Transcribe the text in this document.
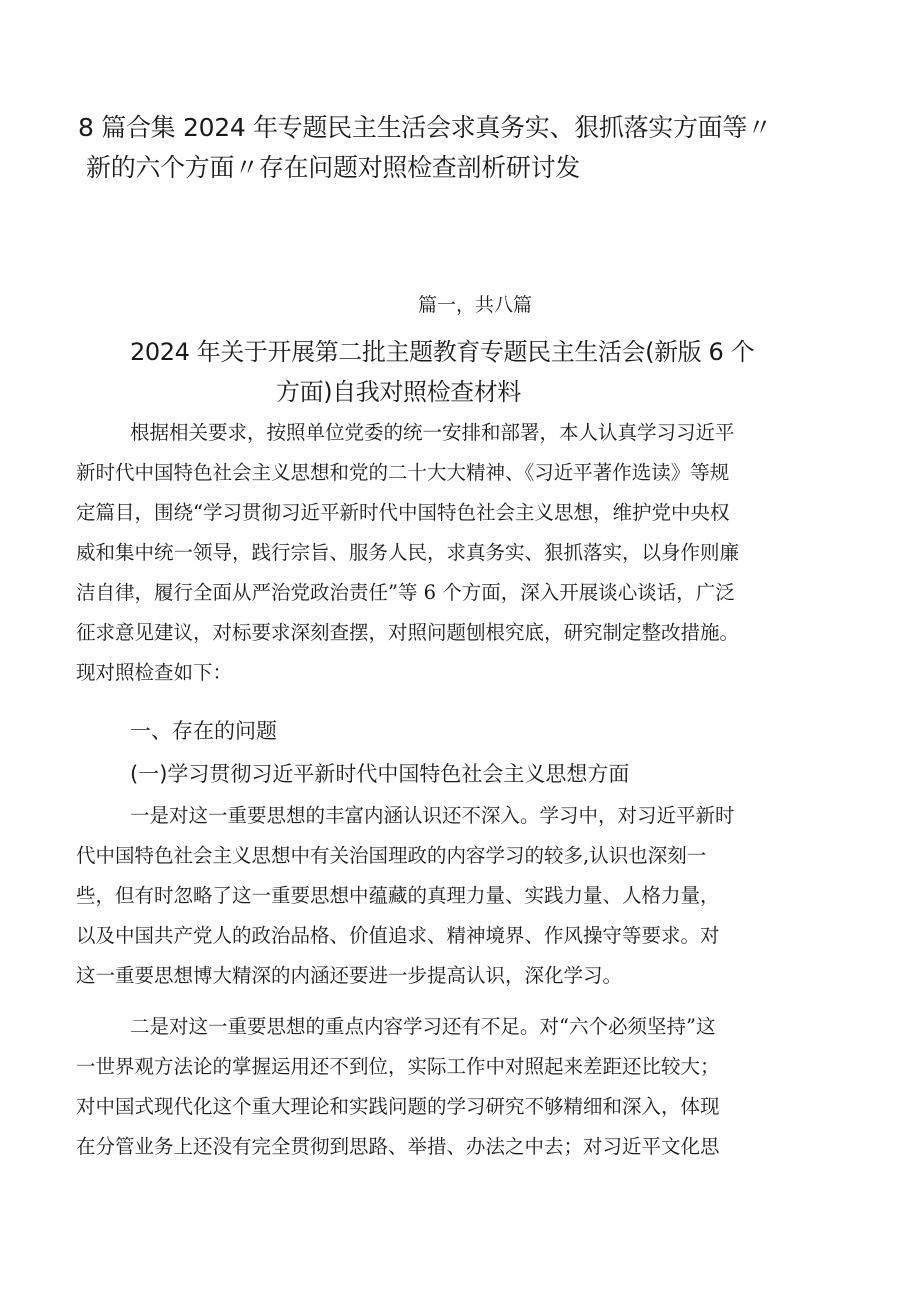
8 篇合集 2024 年专题民主生活会求真务实、狠抓落实方面等〃
新的六个方面〃存在问题对照检查剖析研讨发
篇一，共八篇
2024 年关于开展第二批主题教育专题民主生活会(新版 6 个
方面)自我对照检查材料

根据相关要求，按照单位党委的统一安排和部署，本人认真学习习近平
新时代中国特色社会主义思想和党的二十大大精神、《习近平著作选读》等规
定篇目，围绕“学习贯彻习近平新时代中国特色社会主义思想，维护党中央权
威和集中统一领导，践行宗旨、服务人民，求真务实、狠抓落实，以身作则廉
洁自律，履行全面从严治党政治责任”等 6 个方面，深入开展谈心谈话，广泛
征求意见建议，对标要求深刻查摆，对照问题刨根究底，研究制定整改措施。
现对照检查如下：

一、存在的问题
(一)学习贯彻习近平新时代中国特色社会主义思想方面

一是对这一重要思想的丰富内涵认识还不深入。学习中，对习近平新时
代中国特色社会主义思想中有关治国理政的内容学习的较多,认识也深刻一
些，但有时忽略了这一重要思想中蕴藏的真理力量、实践力量、人格力量，
以及中国共产党人的政治品格、价值追求、精神境界、作风操守等要求。对
这一重要思想博大精深的内涵还要进一步提高认识，深化学习。

二是对这一重要思想的重点内容学习还有不足。对“六个必须坚持”这
一世界观方法论的掌握运用还不到位，实际工作中对照起来差距还比较大；
对中国式现代化这个重大理论和实践问题的学习研究不够精细和深入，体现
在分管业务上还没有完全贯彻到思路、举措、办法之中去；对习近平文化思
